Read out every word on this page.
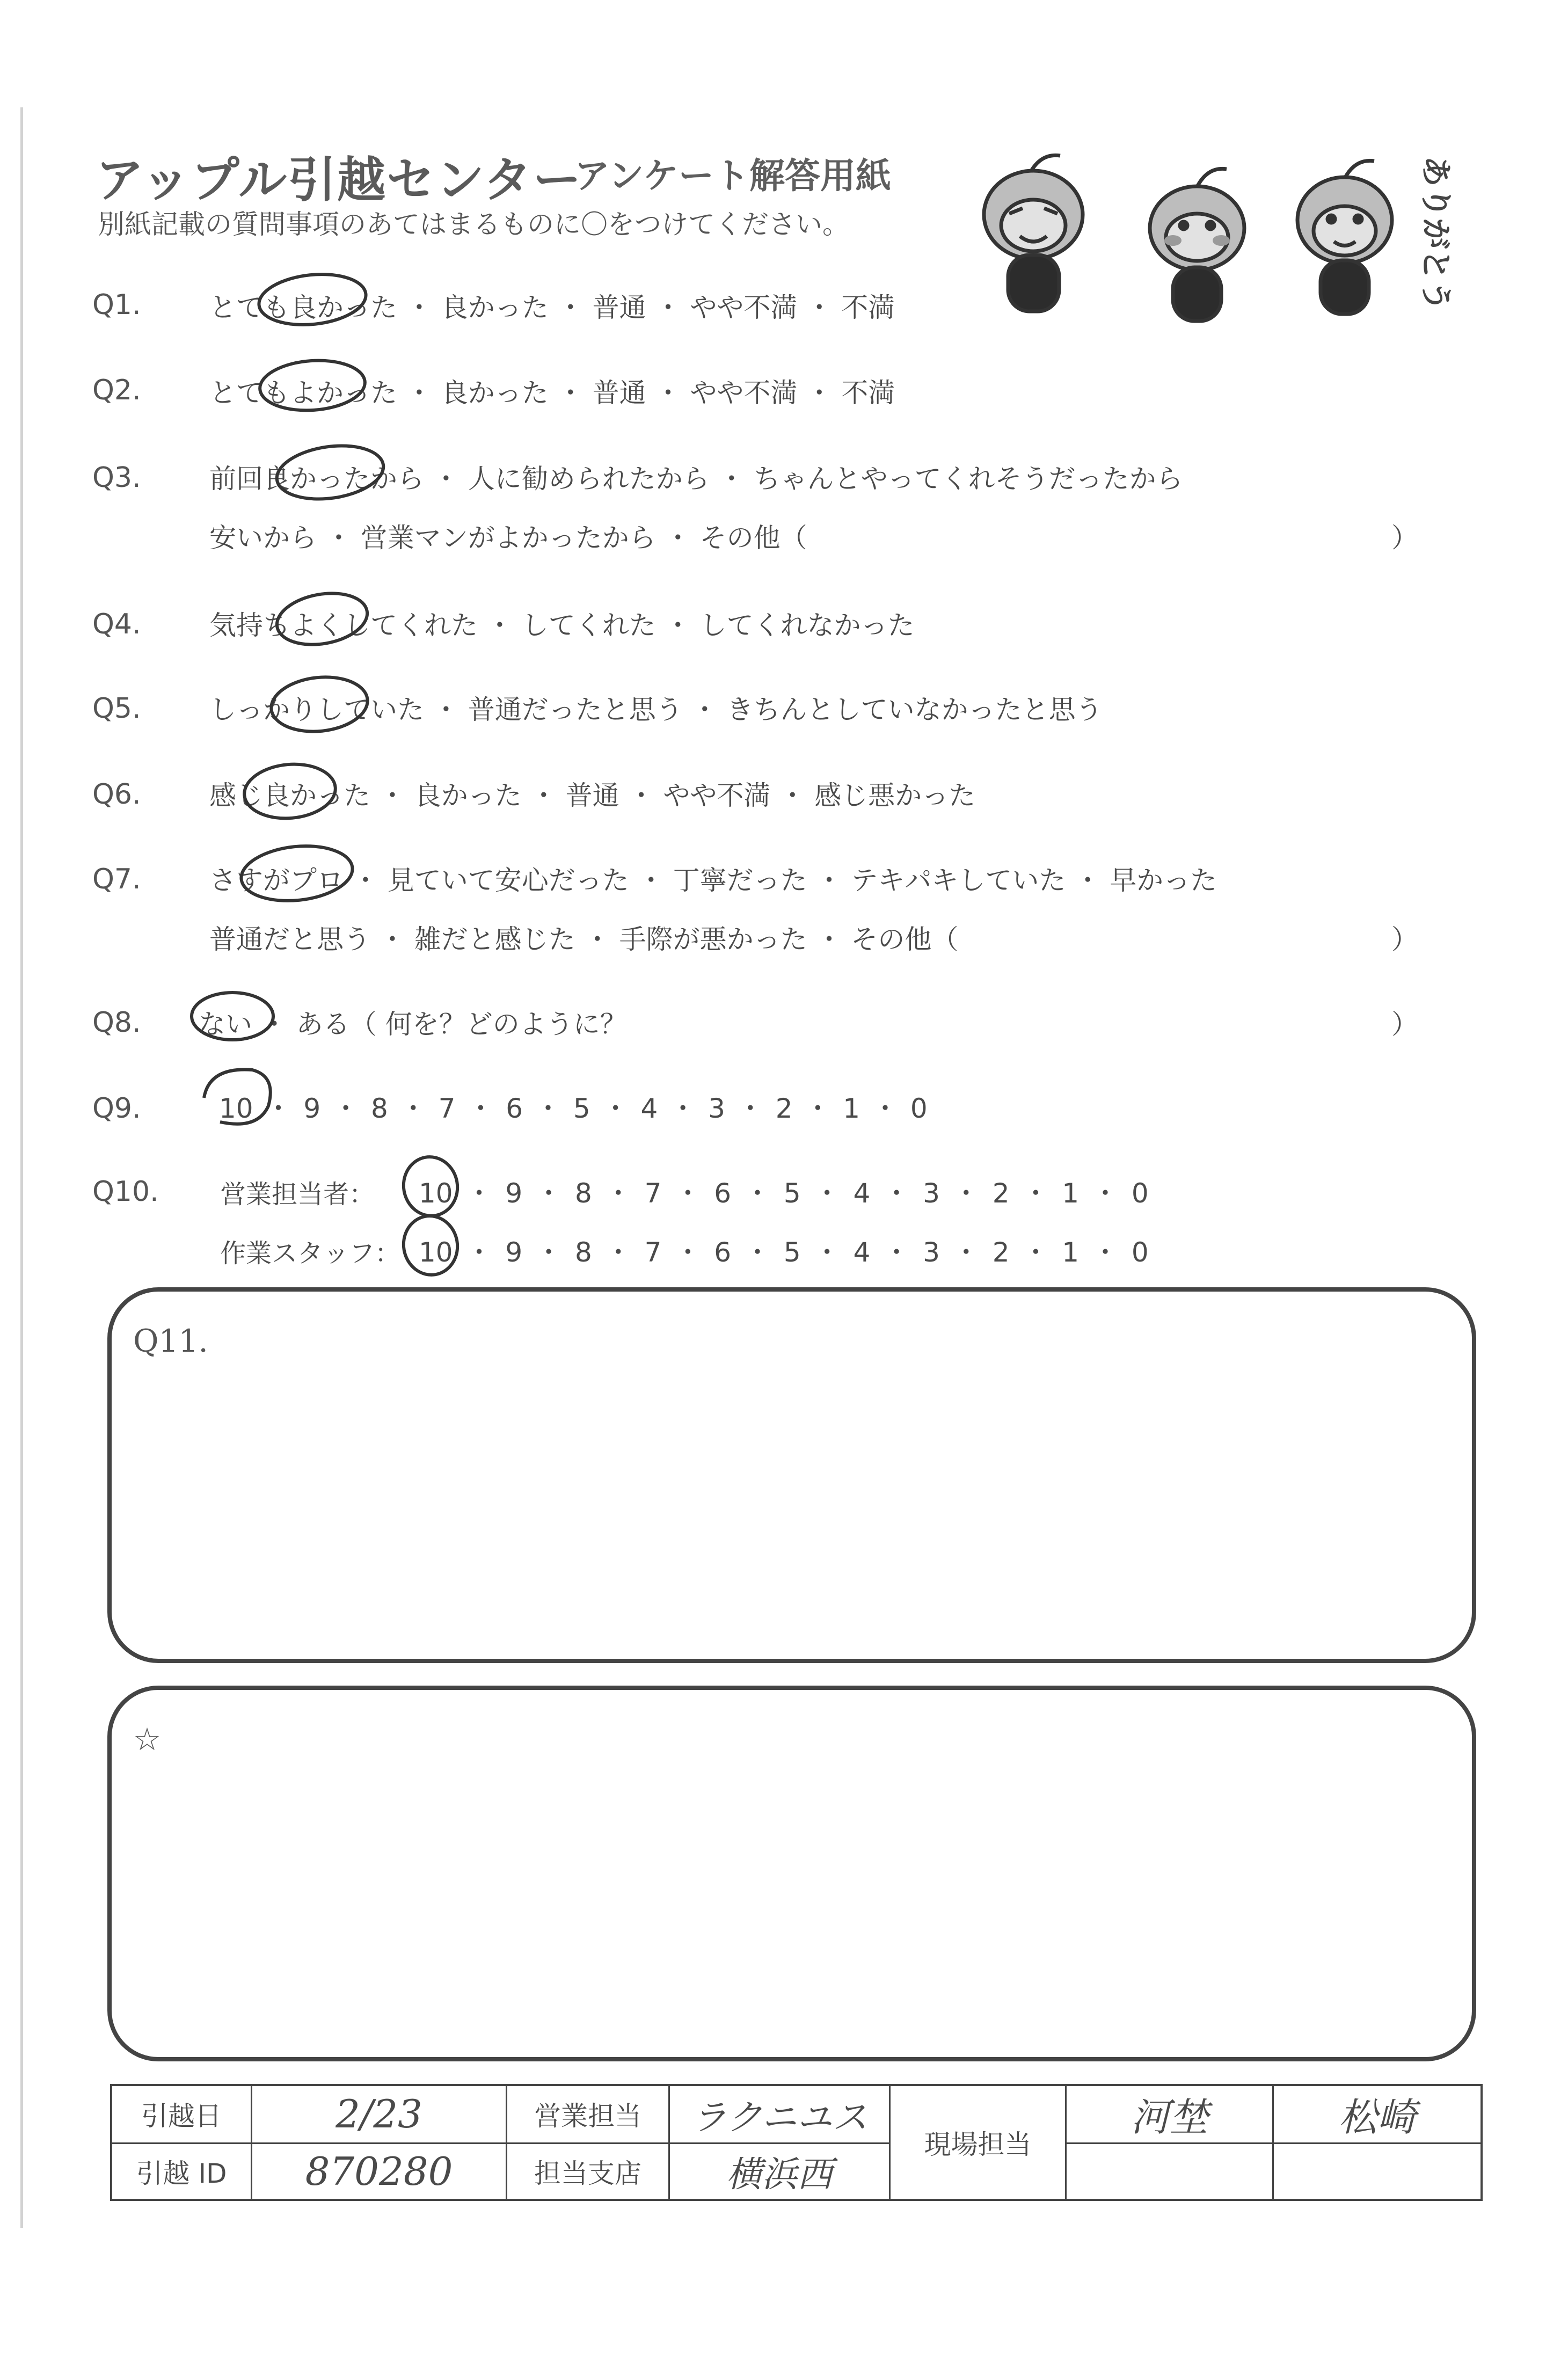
アップル引越センター
アンケート解答用紙
別紙記載の質問事項のあてはまるものに〇をつけてください。	ありがとう
Q1.	とても良かった ・ 良かった ・ 普通 ・ やや不満 ・ 不満
Q2.	とてもよかった ・ 良かった ・ 普通 ・ やや不満 ・ 不満
Q3.	前回良かったから ・ 人に勧められたから ・ ちゃんとやってくれそうだったから
安いから ・ 営業マンがよかったから ・ その他（	）
Q4.	気持ちよくしてくれた ・ してくれた ・ してくれなかった
Q5.	しっかりしていた ・ 普通だったと思う ・ きちんとしていなかったと思う
Q6.	感じ良かった ・ 良かった ・ 普通 ・ やや不満 ・ 感じ悪かった
Q7.	さすがプロ ・ 見ていて安心だった ・ 丁寧だった ・ テキパキしていた ・ 早かった
普通だと思う ・ 雑だと感じた ・ 手際が悪かった ・ その他（	）
Q8. ない ・ ある（ 何を？どのように？	）
Q9.	10 ・ 9 ・ 8 ・ 7 ・ 6 ・ 5 ・ 4 ・ 3 ・ 2 ・ 1 ・ 0
Q10. 営業担当者： 10 ・ 9 ・ 8 ・ 7 ・ 6 ・ 5 ・ 4 ・ 3 ・ 2 ・ 1 ・ 0
作業スタッフ： 10 ・ 9 ・ 8 ・ 7 ・ 6 ・ 5 ・ 4 ・ 3 ・ 2 ・ 1 ・ 0
Q11.
☆
引越日	2/23	営業担当	ラクニユス	現場担当	河埜	松崎
引越 ID	870280	担当支店	横浜西			
